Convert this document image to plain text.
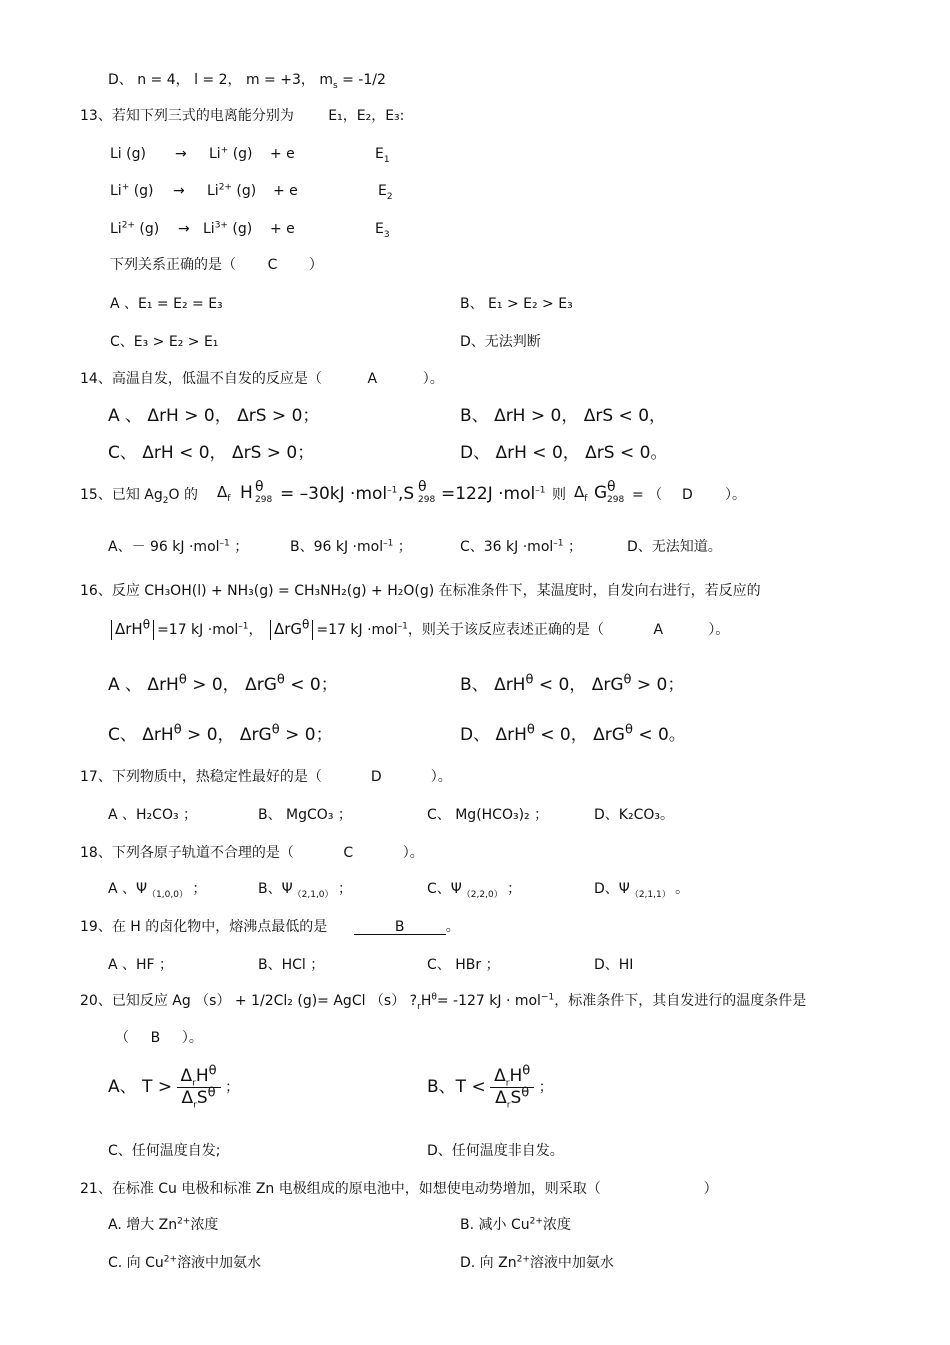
D、 n = 4， l = 2， m = +3， $m_s = -1/2$
13、若知下列三式的电离能分别为 E₁，E₂，E₃:
Li (g) → Li+ (g) + e	$E_1$
Li+ $(g) \to Li^{2+}$ (g) + e	$E_2$
$Li^{2+}$ $(g) \to Li^{3+}$ (g) + e	$E_3$
下列关系正确的是（ C ）
A 、E₁ = E₂ = E₃	B、 E₁ > E₂ > E₃
C、E₃ > E₂ > E₁	D、无法判断
14、高温自发，低温不自发的反应是（	A	）。
A 、 ΔrH > 0， ΔrS > 0；	B、 ΔrH > 0， ΔrS < 0，
C、 ΔrH < 0， ΔrS > 0；	D、 ΔrH < 0， ΔrS < 0。
15、已知 $Ag_2O$ 的 $\Delta_f$ H θ
298 = –30kJ ·mol$^{-1}$ ,S θ
298 =122J ·mol$^{-1}$ 则 $\Delta_f$ G θ
298 = （ D ）。
A、－ 96 kJ ·mol$^{-1}$ ；	B、96 kJ ·mol$^{-1}$ ；	C、36 kJ ·mol$^{-1}$ ；	D、无法知道。
16、反应 CH₃OH(l) + NH₃(g) = CH₃NH₂(g) + H₂O(g) 在标准条件下，某温度时，自发向右进行，若反应的
ΔrH$^\theta$ =17 kJ ·mol$^{-1}$， ΔrG$^\theta$ =17 kJ ·mol$^{-1}$，则关于该反应表述正确的是（	A	）。
A 、 ΔrH$^\theta$ > 0， ΔrG$^\theta$ < 0；	B、 ΔrH$^\theta$ < 0， ΔrG$^\theta$ > 0；
C、 ΔrH$^\theta$ > 0， ΔrG$^\theta$ > 0；	D、 ΔrH$^\theta$ < 0， ΔrG$^\theta$ < 0。
17、下列物质中，热稳定性最好的是（	D	）。
A 、H₂CO₃ ；	B、 MgCO₃ ；	C、 Mg(HCO₃)₂ ；	D、K₂CO₃。
18、下列各原子轨道不合理的是（	C	）。
A 、$\Psi_{(1,0,0)}$ ；	B、$\Psi_{(2,1,0)}$ ；	C、$\Psi_{(2,2,0)}$ ；	D、$\Psi_{(2,1,1)}$ 。
19、在 H 的卤化物中，熔沸点最低的是	B	。
A 、HF ；	B、HCl ；	C、 HBr ；	D、HI
20、已知反应 Ag （s） + 1/2Cl₂ (g)= AgCl （s） $?_rH^\theta= -127$ kJ · mol$^{-1}$，标准条件下，其自发进行的温度条件是
（ B ）。
A、 $T > \frac{\Delta_rH^\theta}{\Delta_rS^\theta}$ ；	B、$T < \frac{\Delta_rH^\theta}{\Delta_rS^\theta}$ ；
C、任何温度自发;	D、任何温度非自发。
21、在标准 Cu 电极和标准 Zn 电极组成的原电池中，如想使电动势增加，则采取（	）
A. 增大 $Zn^{2+}$浓度	B. 减小 $Cu^{2+}$浓度
C. 向 $Cu^{2+}$溶液中加氨水	D. 向 $Zn^{2+}$溶液中加氨水
